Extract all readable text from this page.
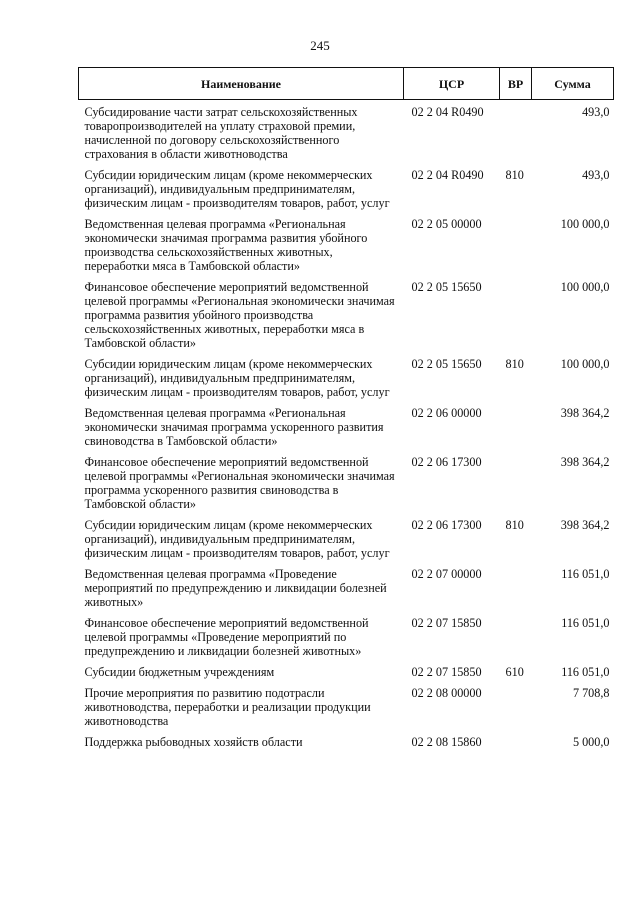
245
Наименование	ЦСР	ВР	Сумма
Субсидирование части затрат сельскохозяйственных товаропроизводителей на уплату страховой премии, начисленной по договору сельскохозяйственного страхования в области животноводства	02 2 04 R0490		493,0
Субсидии юридическим лицам (кроме некоммерческих организаций), индивидуальным предпринимателям, физическим лицам - производителям товаров, работ, услуг	02 2 04 R0490	810	493,0
Ведомственная целевая программа «Региональная экономически значимая программа развития убойного производства сельскохозяйственных животных, переработки мяса в Тамбовской области»	02 2 05 00000		100 000,0
Финансовое обеспечение мероприятий ведомственной целевой программы «Региональная экономически значимая программа развития убойного производства сельскохозяйственных животных, переработки мяса в Тамбовской области»	02 2 05 15650		100 000,0
Субсидии юридическим лицам (кроме некоммерческих организаций), индивидуальным предпринимателям, физическим лицам - производителям товаров, работ, услуг	02 2 05 15650	810	100 000,0
Ведомственная целевая программа «Региональная экономически значимая программа ускоренного развития свиноводства в Тамбовской области»	02 2 06 00000		398 364,2
Финансовое обеспечение мероприятий ведомственной целевой программы «Региональная экономически значимая программа ускоренного развития свиноводства в Тамбовской области»	02 2 06 17300		398 364,2
Субсидии юридическим лицам (кроме некоммерческих организаций), индивидуальным предпринимателям, физическим лицам - производителям товаров, работ, услуг	02 2 06 17300	810	398 364,2
Ведомственная целевая программа «Проведение мероприятий по предупреждению и ликвидации болезней животных»	02 2 07 00000		116 051,0
Финансовое обеспечение мероприятий ведомственной целевой программы «Проведение мероприятий по предупреждению и ликвидации болезней животных»	02 2 07 15850		116 051,0
Субсидии бюджетным учреждениям	02 2 07 15850	610	116 051,0
Прочие мероприятия по развитию подотрасли животноводства, переработки и реализации продукции животноводства	02 2 08 00000		7 708,8
Поддержка рыбоводных хозяйств области	02 2 08 15860		5 000,0
